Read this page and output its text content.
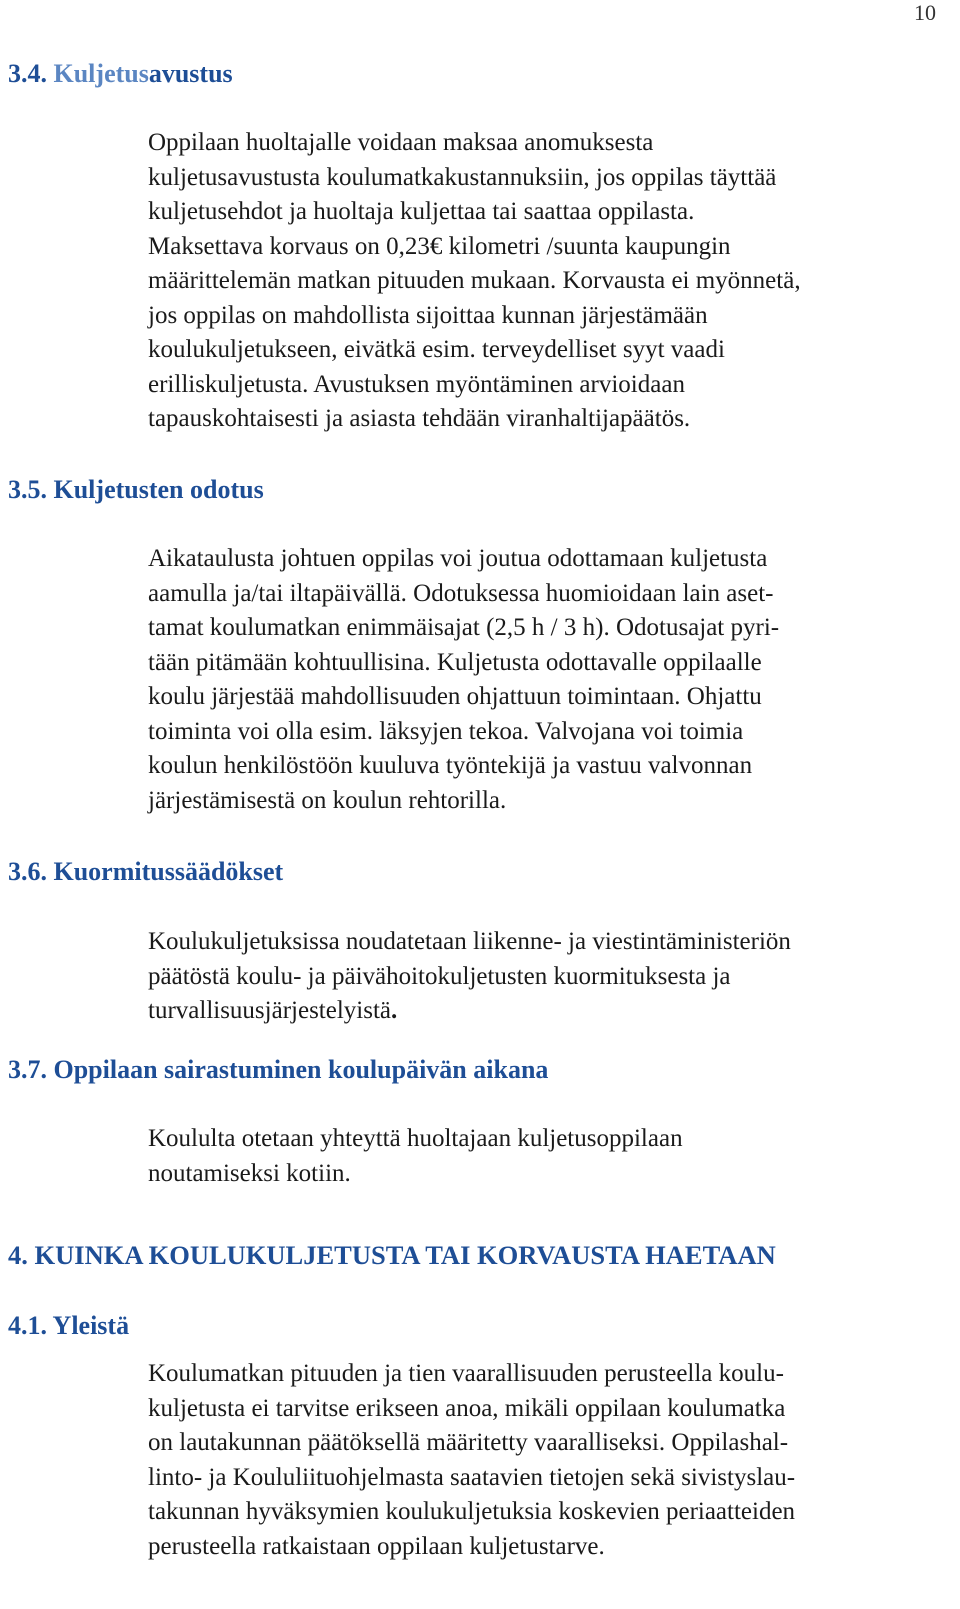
10
3.4. Kuljetusavustus
Oppilaan huoltajalle voidaan maksaa anomuksesta
kuljetusavustusta koulumatkakustannuksiin, jos oppilas täyttää
kuljetusehdot ja huoltaja kuljettaa tai saattaa oppilasta.
Maksettava korvaus on 0,23€ kilometri /suunta kaupungin
määrittelemän matkan pituuden mukaan. Korvausta ei myönnetä,
jos oppilas on mahdollista sijoittaa kunnan järjestämään
koulukuljetukseen, eivätkä esim. terveydelliset syyt vaadi
erilliskuljetusta. Avustuksen myöntäminen arvioidaan
tapauskohtaisesti ja asiasta tehdään viranhaltijapäätös.
3.5. Kuljetusten odotus
Aikataulusta johtuen oppilas voi joutua odottamaan kuljetusta
aamulla ja/tai iltapäivällä. Odotuksessa huomioidaan lain aset-
tamat koulumatkan enimmäisajat (2,5 h / 3 h). Odotusajat pyri-
tään pitämään kohtuullisina. Kuljetusta odottavalle oppilaalle
koulu järjestää mahdollisuuden ohjattuun toimintaan. Ohjattu
toiminta voi olla esim. läksyjen tekoa. Valvojana voi toimia
koulun henkilöstöön kuuluva työntekijä ja vastuu valvonnan
järjestämisestä on koulun rehtorilla.
3.6. Kuormitussäädökset
Koulukuljetuksissa noudatetaan liikenne- ja viestintäministeriön
päätöstä koulu- ja päivähoitokuljetusten kuormituksesta ja
turvallisuusjärjestelyistä.
3.7. Oppilaan sairastuminen koulupäivän aikana
Koululta otetaan yhteyttä huoltajaan kuljetusoppilaan
noutamiseksi kotiin.
4. KUINKA KOULUKULJETUSTA TAI KORVAUSTA HAETAAN
4.1. Yleistä
Koulumatkan pituuden ja tien vaarallisuuden perusteella koulu-
kuljetusta ei tarvitse erikseen anoa, mikäli oppilaan koulumatka
on lautakunnan päätöksellä määritetty vaaralliseksi. Oppilashal-
linto- ja Koululiituohjelmasta saatavien tietojen sekä sivistyslau-
takunnan hyväksymien koulukuljetuksia koskevien periaatteiden
perusteella ratkaistaan oppilaan kuljetustarve.
